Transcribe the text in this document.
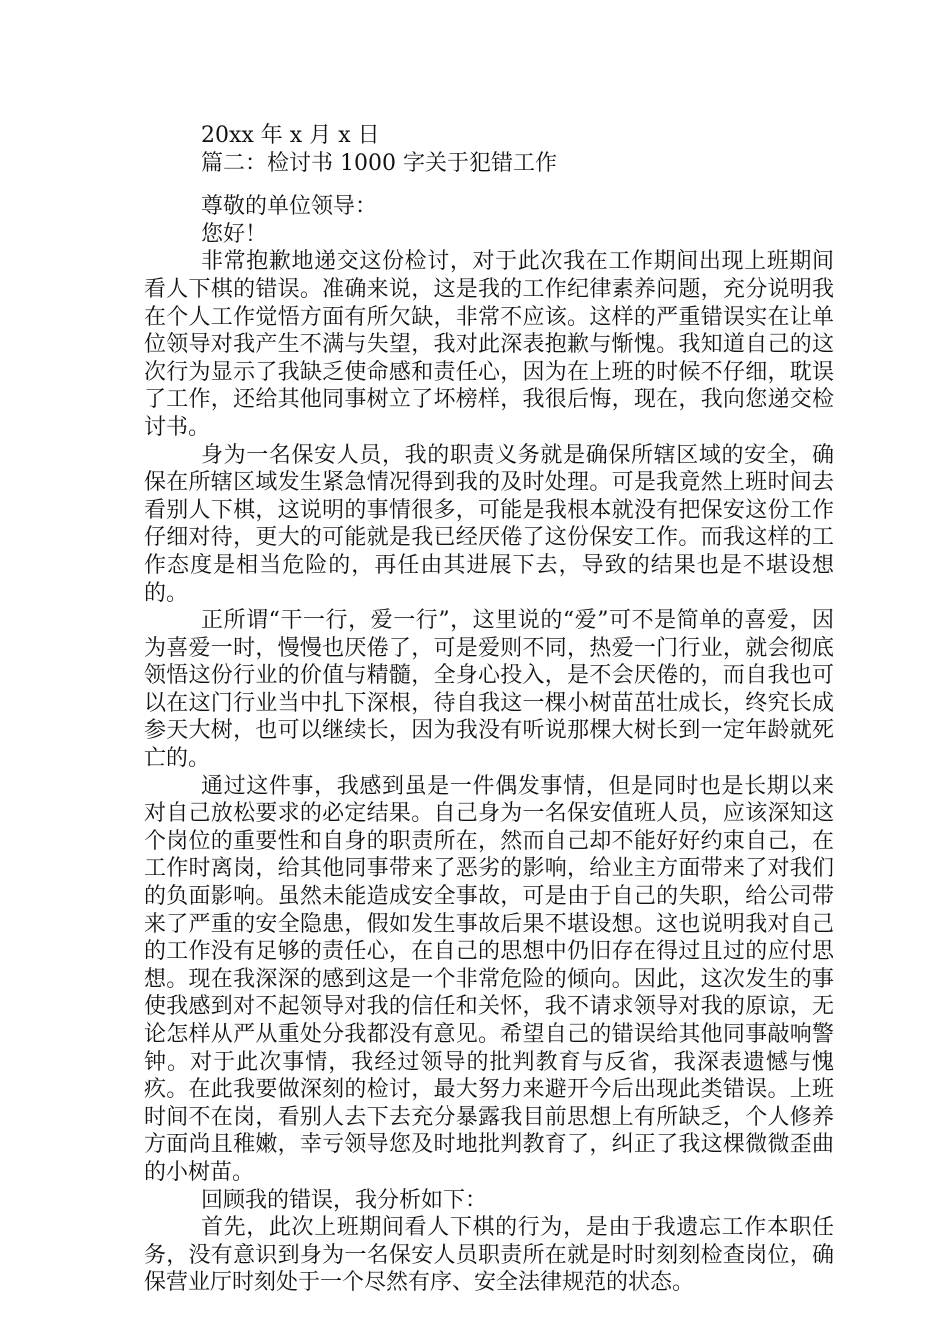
20xx 年 x 月 x 日

篇二：检讨书 1000 字关于犯错工作

尊敬的单位领导：

您好！

非常抱歉地递交这份检讨，对于此次我在工作期间出现上班期间看人下棋的错误。准确来说，这是我的工作纪律素养问题，充分说明我在个人工作觉悟方面有所欠缺，非常不应该。这样的严重错误实在让单位领导对我产生不满与失望，我对此深表抱歉与惭愧。我知道自己的这次行为显示了我缺乏使命感和责任心，因为在上班的时候不仔细，耽误了工作，还给其他同事树立了坏榜样，我很后悔，现在，我向您递交检讨书。

身为一名保安人员，我的职责义务就是确保所辖区域的安全，确保在所辖区域发生紧急情况得到我的及时处理。可是我竟然上班时间去看别人下棋，这说明的事情很多，可能是我根本就没有把保安这份工作仔细对待，更大的可能就是我已经厌倦了这份保安工作。而我这样的工作态度是相当危险的，再任由其进展下去，导致的结果也是不堪设想的。

正所谓“干一行，爱一行”，这里说的“爱”可不是简单的喜爱，因为喜爱一时，慢慢也厌倦了，可是爱则不同，热爱一门行业，就会彻底领悟这份行业的价值与精髓，全身心投入，是不会厌倦的，而自我也可以在这门行业当中扎下深根，待自我这一棵小树苗茁壮成长，终究长成参天大树，也可以继续长，因为我没有听说那棵大树长到一定年龄就死亡的。

通过这件事，我感到虽是一件偶发事情，但是同时也是长期以来对自己放松要求的必定结果。自己身为一名保安值班人员，应该深知这个岗位的重要性和自身的职责所在，然而自己却不能好好约束自己，在工作时离岗，给其他同事带来了恶劣的影响，给业主方面带来了对我们的负面影响。虽然未能造成安全事故，可是由于自己的失职，给公司带来了严重的安全隐患，假如发生事故后果不堪设想。这也说明我对自己的工作没有足够的责任心，在自己的思想中仍旧存在得过且过的应付思想。现在我深深的感到这是一个非常危险的倾向。因此，这次发生的事使我感到对不起领导对我的信任和关怀，我不请求领导对我的原谅，无论怎样从严从重处分我都没有意见。希望自己的错误给其他同事敲响警钟。对于此次事情，我经过领导的批判教育与反省，我深表遗憾与愧疚。在此我要做深刻的检讨，最大努力来避开今后出现此类错误。上班时间不在岗，看别人去下去充分暴露我目前思想上有所缺乏，个人修养方面尚且稚嫩，幸亏领导您及时地批判教育了，纠正了我这棵微微歪曲的小树苗。

回顾我的错误，我分析如下：

首先，此次上班期间看人下棋的行为，是由于我遗忘工作本职任务，没有意识到身为一名保安人员职责所在就是时时刻刻检查岗位，确保营业厅时刻处于一个尽然有序、安全法律规范的状态。
